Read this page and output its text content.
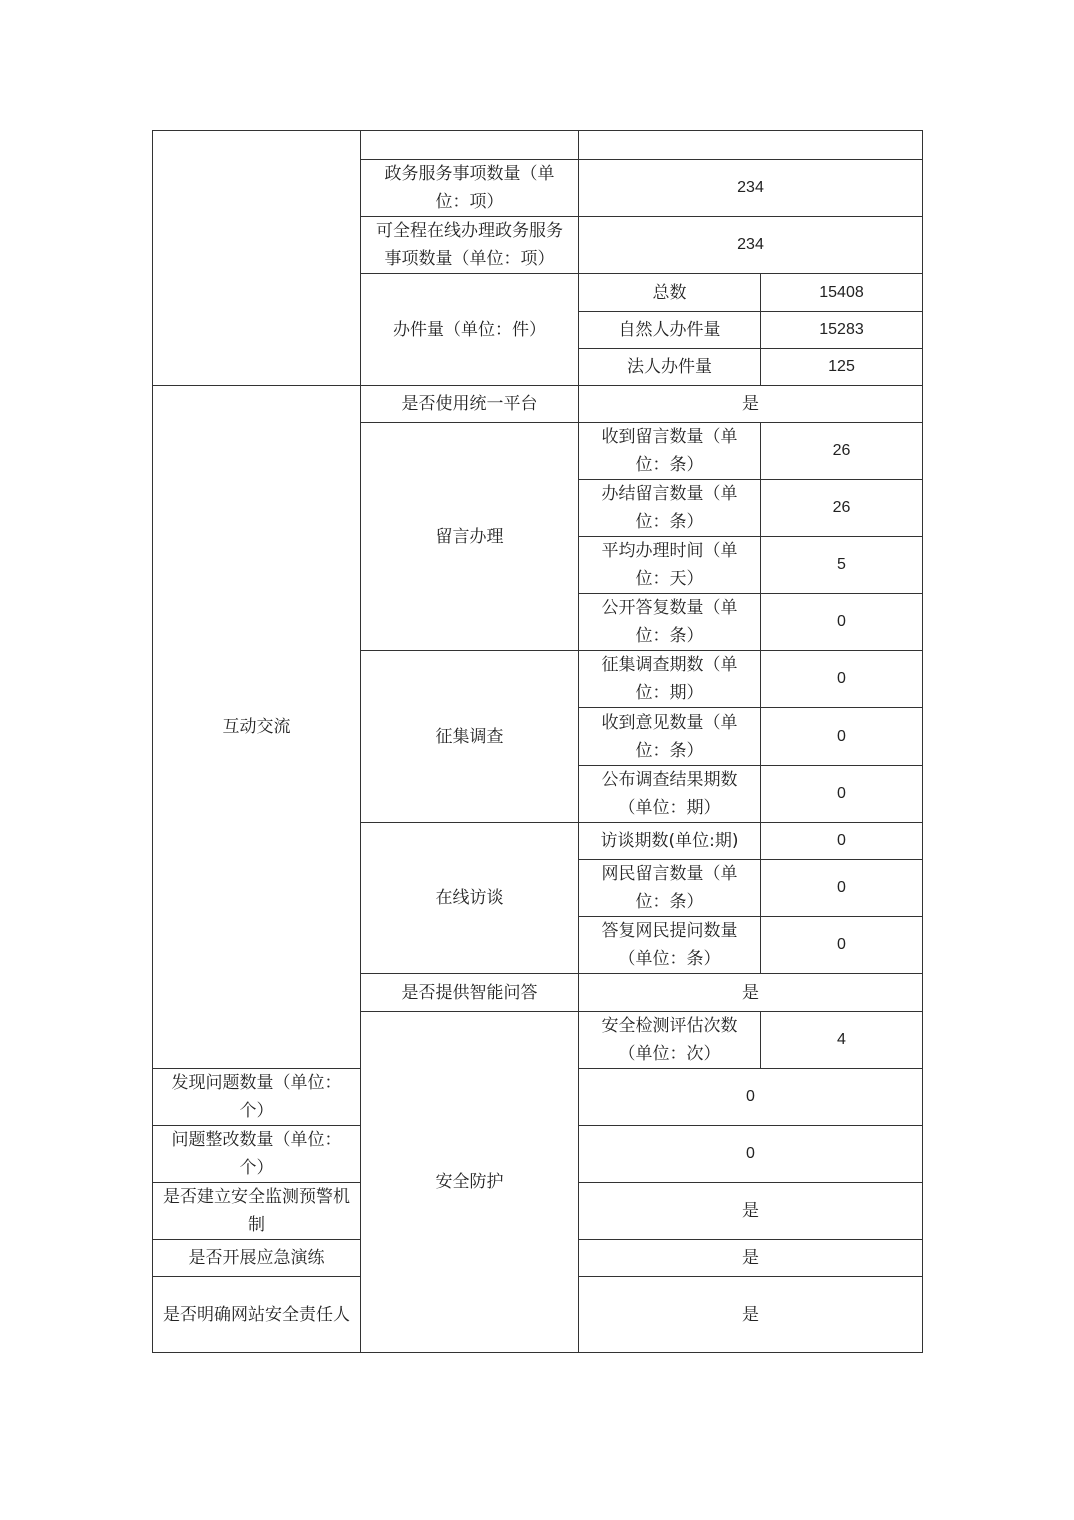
	政务服务事项数量（单位：项）	234	
	可全程在线办理政务服务事项数量（单位：项）	234	
	办件量（单位：件）	总数	15408
		自然人办件量	15283
		法人办件量	125
互动交流	是否使用统一平台	是	
	留言办理	收到留言数量（单位：条）	26
		办结留言数量（单位：条）	26
		平均办理时间（单位：天）	5
		公开答复数量（单位：条）	0
	征集调查	征集调查期数（单位：期）	0
		收到意见数量（单位：条）	0
		公布调查结果期数（单位：期）	0
	在线访谈	访谈期数(单位:期)	0
		网民留言数量（单位：条）	0
		答复网民提问数量（单位：条）	0
	是否提供智能问答	是	
	安全防护	安全检测评估次数（单位：次）	4
发现问题数量（单位：个）		0	
问题整改数量（单位：个）		0	
是否建立安全监测预警机制		是	
是否开展应急演练		是	
是否明确网站安全责任人		是	
